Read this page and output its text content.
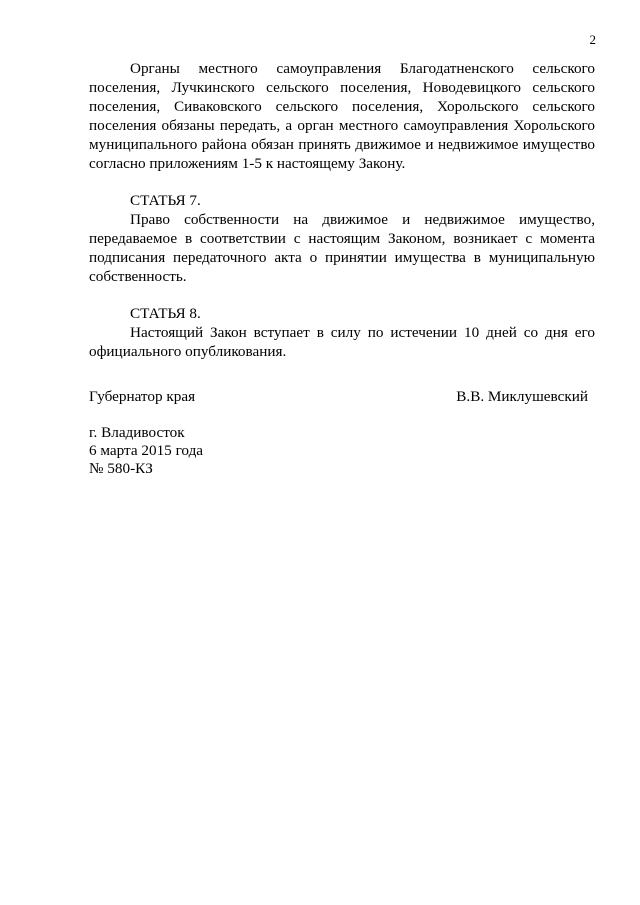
2

Органы местного самоуправления Благодатненского сельского поселения, Лучкинского сельского поселения, Новодевицкого сельского поселения, Сиваковского сельского поселения, Хорольского сельского поселения обязаны передать, а орган местного самоуправления Хорольского муниципального района обязан принять движимое и недвижимое имущество согласно приложениям 1-5 к настоящему Закону.

СТАТЬЯ 7.

Право собственности на движимое и недвижимое имущество, передаваемое в соответствии с настоящим Законом, возникает с момента подписания передаточного акта о принятии имущества в муниципальную собственность.

СТАТЬЯ 8.

Настоящий Закон вступает в силу по истечении 10 дней со дня его официального опубликования.

Губернатор края	В.В. Миклушевский
г. Владивосток
6 марта 2015 года
№ 580-КЗ
